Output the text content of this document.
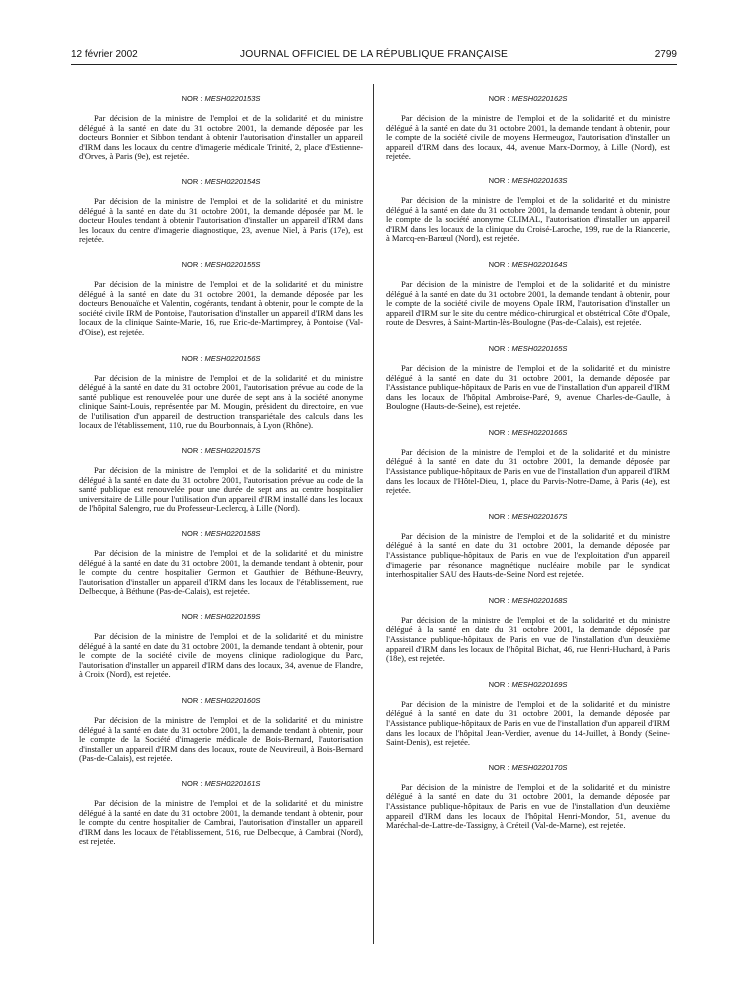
12 février 2002	JOURNAL OFFICIEL DE LA RÉPUBLIQUE FRANÇAISE	2799

NOR : MESH0220153S

Par décision de la ministre de l'emploi et de la solidarité et du ministre délégué à la santé en date du 31 octobre 2001, la demande déposée par les docteurs Bonnier et Sibbon tendant à obtenir l'autorisation d'installer un appareil d'IRM dans les locaux du centre d'imagerie médicale Trinité, 2, place d'Estienne-d'Orves, à Paris (9e), est rejetée.

NOR : MESH0220154S

Par décision de la ministre de l'emploi et de la solidarité et du ministre délégué à la santé en date du 31 octobre 2001, la demande déposée par M. le docteur Houles tendant à obtenir l'autorisation d'installer un appareil d'IRM dans les locaux du centre d'imagerie diagnostique, 23, avenue Niel, à Paris (17e), est rejetée.

NOR : MESH0220155S

Par décision de la ministre de l'emploi et de la solidarité et du ministre délégué à la santé en date du 31 octobre 2001, la demande déposée par les docteurs Benouaïche et Valentin, cogérants, tendant à obtenir, pour le compte de la société civile IRM de Pontoise, l'autorisation d'installer un appareil d'IRM dans les locaux de la clinique Sainte-Marie, 16, rue Eric-de-Martimprey, à Pontoise (Val-d'Oise), est rejetée.

NOR : MESH0220156S

Par décision de la ministre de l'emploi et de la solidarité et du ministre délégué à la santé en date du 31 octobre 2001, l'autorisation prévue au code de la santé publique est renouvelée pour une durée de sept ans à la société anonyme clinique Saint-Louis, représentée par M. Mougin, président du directoire, en vue de l'utilisation d'un appareil de destruction transpariétale des calculs dans les locaux de l'établissement, 110, rue du Bourbonnais, à Lyon (Rhône).

NOR : MESH0220157S

Par décision de la ministre de l'emploi et de la solidarité et du ministre délégué à la santé en date du 31 octobre 2001, l'autorisation prévue au code de la santé publique est renouvelée pour une durée de sept ans au centre hospitalier universitaire de Lille pour l'utilisation d'un appareil d'IRM installé dans les locaux de l'hôpital Salengro, rue du Professeur-Leclercq, à Lille (Nord).

NOR : MESH0220158S

Par décision de la ministre de l'emploi et de la solidarité et du ministre délégué à la santé en date du 31 octobre 2001, la demande tendant à obtenir, pour le compte du centre hospitalier Germon et Gauthier de Béthune-Beuvry, l'autorisation d'installer un appareil d'IRM dans les locaux de l'établissement, rue Delbecque, à Béthune (Pas-de-Calais), est rejetée.

NOR : MESH0220159S

Par décision de la ministre de l'emploi et de la solidarité et du ministre délégué à la santé en date du 31 octobre 2001, la demande tendant à obtenir, pour le compte de la société civile de moyens clinique radiologique du Parc, l'autorisation d'installer un appareil d'IRM dans des locaux, 34, avenue de Flandre, à Croix (Nord), est rejetée.

NOR : MESH0220160S

Par décision de la ministre de l'emploi et de la solidarité et du ministre délégué à la santé en date du 31 octobre 2001, la demande tendant à obtenir, pour le compte de la Société d'imagerie médicale de Bois-Bernard, l'autorisation d'installer un appareil d'IRM dans des locaux, route de Neuvireuil, à Bois-Bernard (Pas-de-Calais), est rejetée.

NOR : MESH0220161S

Par décision de la ministre de l'emploi et de la solidarité et du ministre délégué à la santé en date du 31 octobre 2001, la demande tendant à obtenir, pour le compte du centre hospitalier de Cambrai, l'autorisation d'installer un appareil d'IRM dans les locaux de l'établissement, 516, rue Delbecque, à Cambrai (Nord), est rejetée.

NOR : MESH0220162S

Par décision de la ministre de l'emploi et de la solidarité et du ministre délégué à la santé en date du 31 octobre 2001, la demande tendant à obtenir, pour le compte de la société civile de moyens Hermeugoz, l'autorisation d'installer un appareil d'IRM dans des locaux, 44, avenue Marx-Dormoy, à Lille (Nord), est rejetée.

NOR : MESH0220163S

Par décision de la ministre de l'emploi et de la solidarité et du ministre délégué à la santé en date du 31 octobre 2001, la demande tendant à obtenir, pour le compte de la société anonyme CLIMAL, l'autorisation d'installer un appareil d'IRM dans les locaux de la clinique du Croisé-Laroche, 199, rue de la Riancerie, à Marcq-en-Barœul (Nord), est rejetée.

NOR : MESH0220164S

Par décision de la ministre de l'emploi et de la solidarité et du ministre délégué à la santé en date du 31 octobre 2001, la demande tendant à obtenir, pour le compte de la société civile de moyens Opale IRM, l'autorisation d'installer un appareil d'IRM sur le site du centre médico-chirurgical et obstétrical Côte d'Opale, route de Desvres, à Saint-Martin-lès-Boulogne (Pas-de-Calais), est rejetée.

NOR : MESH0220165S

Par décision de la ministre de l'emploi et de la solidarité et du ministre délégué à la santé en date du 31 octobre 2001, la demande déposée par l'Assistance publique-hôpitaux de Paris en vue de l'installation d'un appareil d'IRM dans les locaux de l'hôpital Ambroise-Paré, 9, avenue Charles-de-Gaulle, à Boulogne (Hauts-de-Seine), est rejetée.

NOR : MESH0220166S

Par décision de la ministre de l'emploi et de la solidarité et du ministre délégué à la santé en date du 31 octobre 2001, la demande déposée par l'Assistance publique-hôpitaux de Paris en vue de l'installation d'un appareil d'IRM dans les locaux de l'Hôtel-Dieu, 1, place du Parvis-Notre-Dame, à Paris (4e), est rejetée.

NOR : MESH0220167S

Par décision de la ministre de l'emploi et de la solidarité et du ministre délégué à la santé en date du 31 octobre 2001, la demande déposée par l'Assistance publique-hôpitaux de Paris en vue de l'exploitation d'un appareil d'imagerie par résonance magnétique nucléaire mobile par le syndicat interhospitalier SAU des Hauts-de-Seine Nord est rejetée.

NOR : MESH0220168S

Par décision de la ministre de l'emploi et de la solidarité et du ministre délégué à la santé en date du 31 octobre 2001, la demande déposée par l'Assistance publique-hôpitaux de Paris en vue de l'installation d'un deuxième appareil d'IRM dans les locaux de l'hôpital Bichat, 46, rue Henri-Huchard, à Paris (18e), est rejetée.

NOR : MESH0220169S

Par décision de la ministre de l'emploi et de la solidarité et du ministre délégué à la santé en date du 31 octobre 2001, la demande déposée par l'Assistance publique-hôpitaux de Paris en vue de l'installation d'un appareil d'IRM dans les locaux de l'hôpital Jean-Verdier, avenue du 14-Juillet, à Bondy (Seine-Saint-Denis), est rejetée.

NOR : MESH0220170S

Par décision de la ministre de l'emploi et de la solidarité et du ministre délégué à la santé en date du 31 octobre 2001, la demande déposée par l'Assistance publique-hôpitaux de Paris en vue de l'installation d'un deuxième appareil d'IRM dans les locaux de l'hôpital Henri-Mondor, 51, avenue du Maréchal-de-Lattre-de-Tassigny, à Créteil (Val-de-Marne), est rejetée.
